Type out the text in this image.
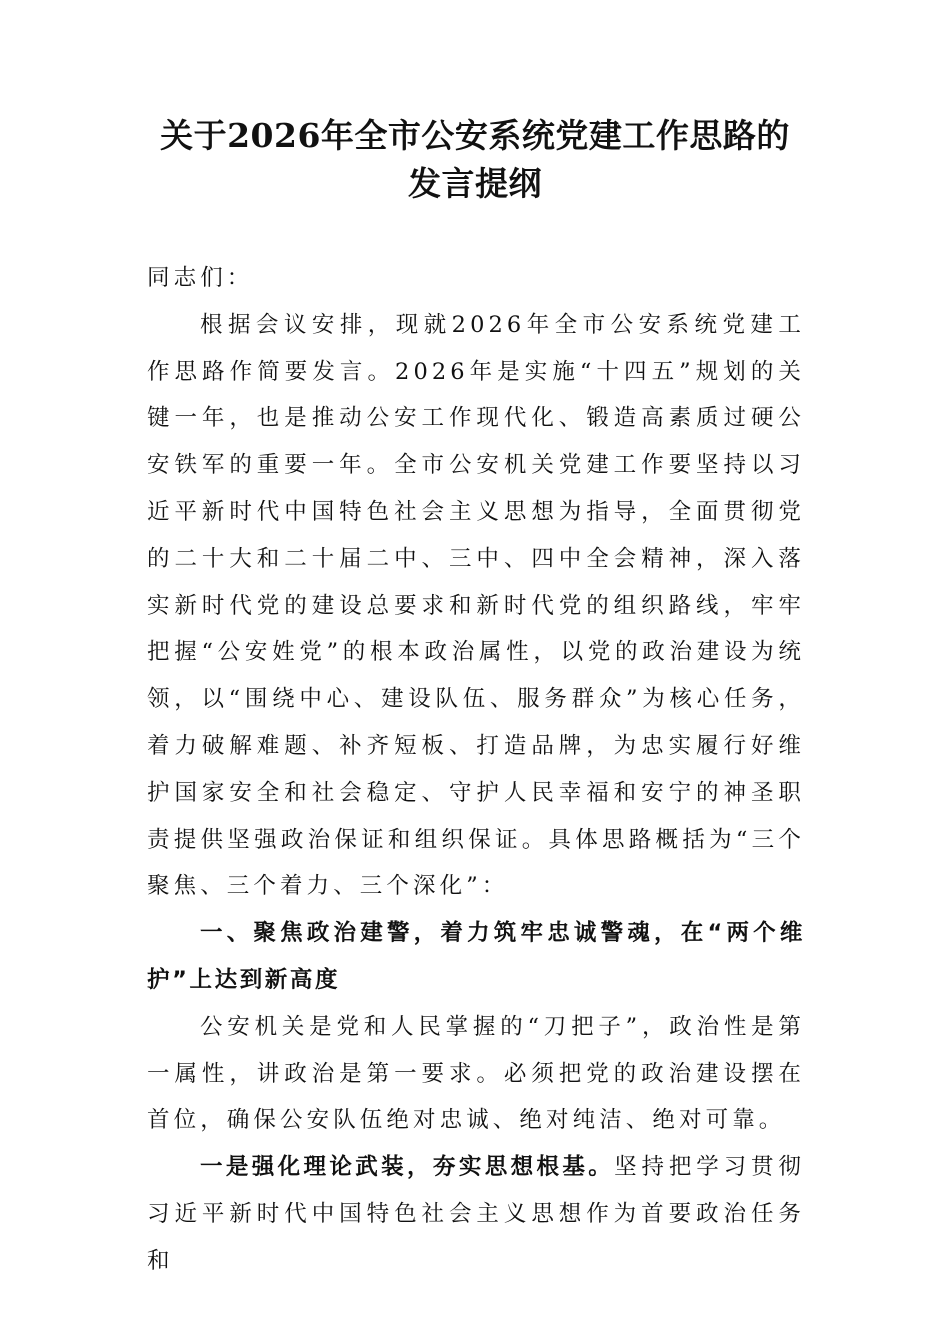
关于2026年全市公安系统党建工作思路的
发言提纲

同志们：

根据会议安排，现就2026年全市公安系统党建工作思路作简要发言。2026年是实施“十四五”规划的关键一年，也是推动公安工作现代化、锻造高素质过硬公安铁军的重要一年。全市公安机关党建工作要坚持以习近平新时代中国特色社会主义思想为指导，全面贯彻党的二十大和二十届二中、三中、四中全会精神，深入落实新时代党的建设总要求和新时代党的组织路线，牢牢把握“公安姓党”的根本政治属性，以党的政治建设为统领，以“围绕中心、建设队伍、服务群众”为核心任务，着力破解难题、补齐短板、打造品牌，为忠实履行好维护国家安全和社会稳定、守护人民幸福和安宁的神圣职责提供坚强政治保证和组织保证。具体思路概括为“三个聚焦、三个着力、三个深化”：

一、聚焦政治建警，着力筑牢忠诚警魂，在“两个维护”上达到新高度

公安机关是党和人民掌握的“刀把子”，政治性是第一属性，讲政治是第一要求。必须把党的政治建设摆在首位，确保公安队伍绝对忠诚、绝对纯洁、绝对可靠。

一是强化理论武装，夯实思想根基。坚持把学习贯彻习近平新时代中国特色社会主义思想作为首要政治任务和
